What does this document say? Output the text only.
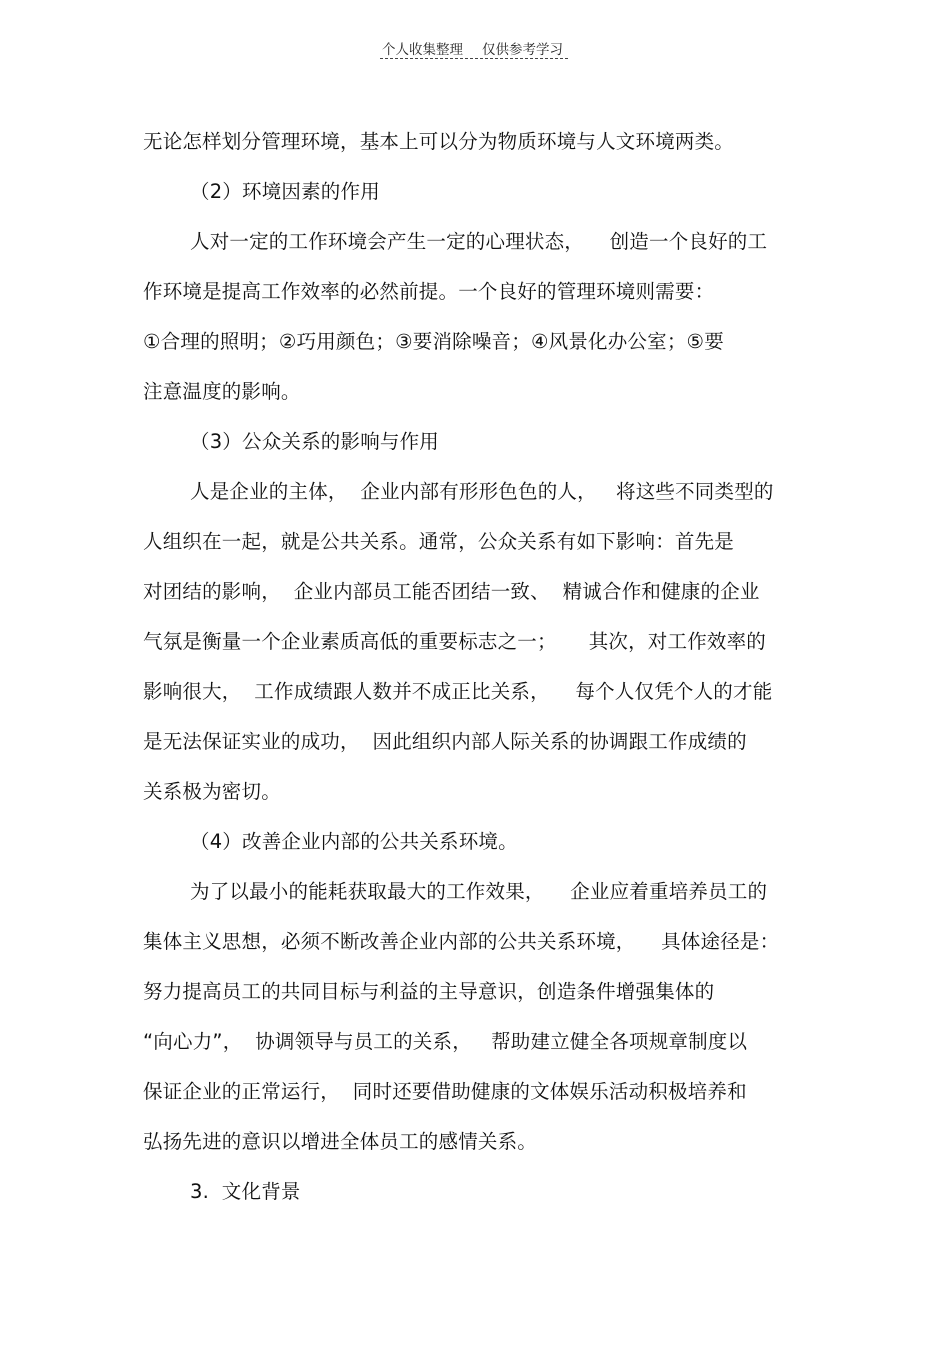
个人收集整理 仅供参考学习
无论怎样划分管理环境，基本上可以分为物质环境与人文环境两类。
（2）环境因素的作用
人对一定的工作环境会产生一定的心理状态，    创造一个良好的工
作环境是提高工作效率的必然前提。一个良好的管理环境则需要：
①合理的照明；②巧用颜色；③要消除噪音；④风景化办公室；⑤要
注意温度的影响。
（3）公众关系的影响与作用
人是企业的主体，  企业内部有形形色色的人，   将这些不同类型的
人组织在一起，就是公共关系。通常，公众关系有如下影响：首先是
对团结的影响，  企业内部员工能否团结一致、  精诚合作和健康的企业
气氛是衡量一个企业素质高低的重要标志之一；     其次，对工作效率的
影响很大，  工作成绩跟人数并不成正比关系，    每个人仅凭个人的才能
是无法保证实业的成功，  因此组织内部人际关系的协调跟工作成绩的
关系极为密切。
（4）改善企业内部的公共关系环境。
为了以最小的能耗获取最大的工作效果，    企业应着重培养员工的
集体主义思想，必须不断改善企业内部的公共关系环境，    具体途径是：
努力提高员工的共同目标与利益的主导意识，创造条件增强集体的
“向心力”，  协调领导与员工的关系，   帮助建立健全各项规章制度以
保证企业的正常运行，  同时还要借助健康的文体娱乐活动积极培养和
弘扬先进的意识以增进全体员工的感情关系。
3.  文化背景
